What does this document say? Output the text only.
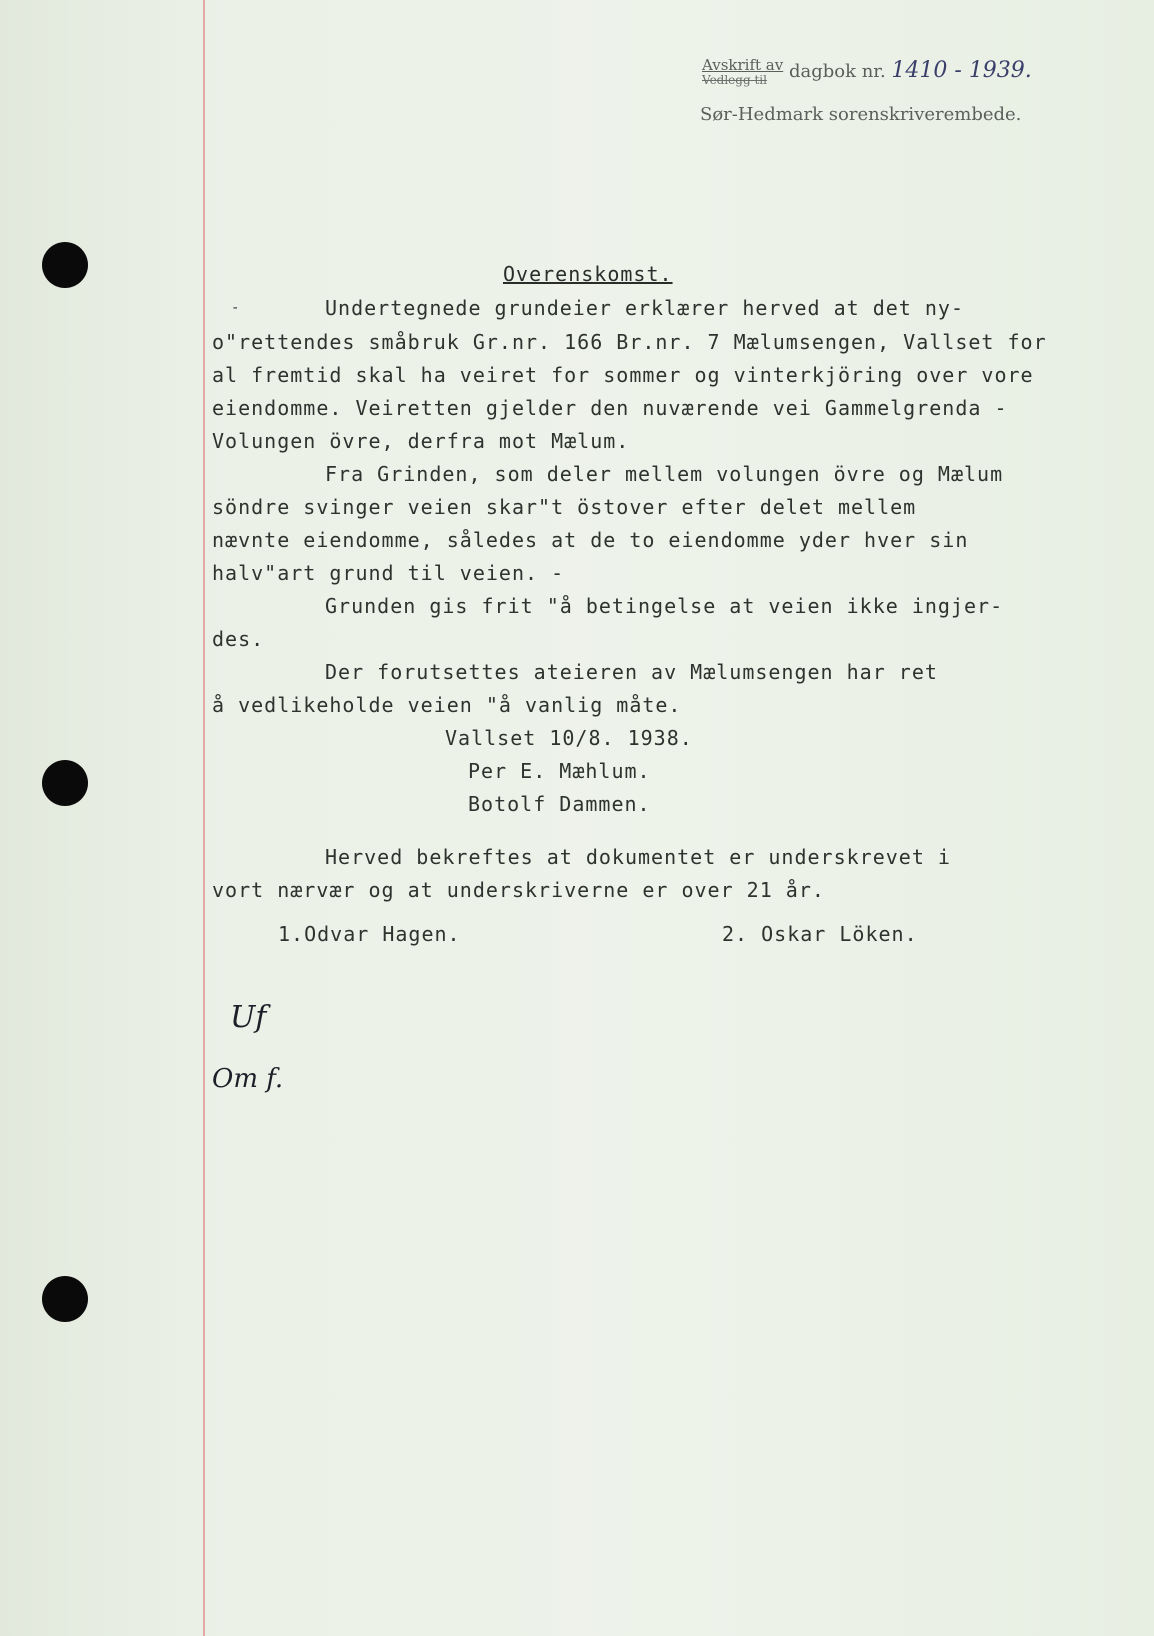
Avskrift av
Vedlegg til dagbok nr. 1410 - 1939.
Sør-Hedmark sorenskriverembede.
Overenskomst.
-	Undertegnede grundeier erklærer herved at det ny-
o"rettendes småbruk Gr.nr. 166 Br.nr. 7 Mælumsengen, Vallset for
al fremtid skal ha veiret for sommer og vinterkjöring over vore
eiendomme. Veiretten gjelder den nuværende vei Gammelgrenda -
Volungen övre, derfra mot Mælum.
Fra Grinden, som deler mellem volungen övre og Mælum
söndre svinger veien skar"t östover efter delet mellem
nævnte eiendomme, således at de to eiendomme yder hver sin
halv"art grund til veien. -
Grunden gis frit "å betingelse at veien ikke ingjer-
des.
Der forutsettes ateieren av Mælumsengen har ret
å vedlikeholde veien "å vanlig måte.
Vallset 10/8. 1938.
Per E. Mæhlum.
Botolf Dammen.
Herved bekreftes at dokumentet er underskrevet i
vort nærvær og at underskriverne er over 21 år.
1.Odvar Hagen.	2. Oskar Löken.
Uf
Om f.
